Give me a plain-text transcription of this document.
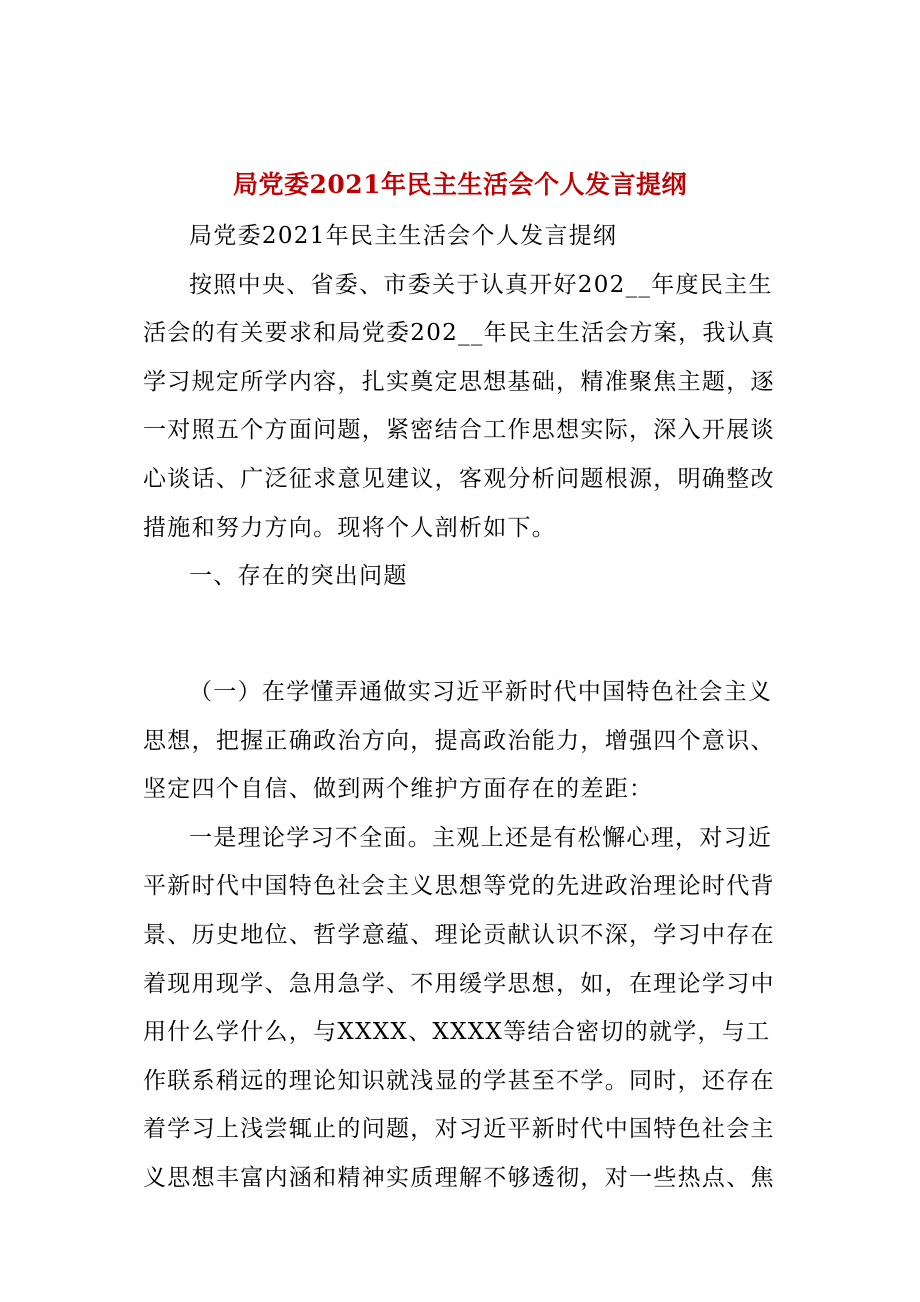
局党委2021年民主生活会个人发言提纲

局党委2021年民主生活会个人发言提纲

按照中央、省委、市委关于认真开好202__年度民主生活会的有关要求和局党委202__年民主生活会方案，我认真学习规定所学内容，扎实奠定思想基础，精准聚焦主题，逐一对照五个方面问题，紧密结合工作思想实际，深入开展谈心谈话、广泛征求意见建议，客观分析问题根源，明确整改措施和努力方向。现将个人剖析如下。

一、存在的突出问题

（一）在学懂弄通做实习近平新时代中国特色社会主义思想，把握正确政治方向，提高政治能力，增强四个意识、坚定四个自信、做到两个维护方面存在的差距：

一是理论学习不全面。主观上还是有松懈心理，对习近平新时代中国特色社会主义思想等党的先进政治理论时代背景、历史地位、哲学意蕴、理论贡献认识不深，学习中存在着现用现学、急用急学、不用缓学思想，如，在理论学习中用什么学什么，与XXXX、XXXX等结合密切的就学，与工作联系稍远的理论知识就浅显的学甚至不学。同时，还存在着学习上浅尝辄止的问题，对习近平新时代中国特色社会主义思想丰富内涵和精神实质理解不够透彻，对一些热点、焦
